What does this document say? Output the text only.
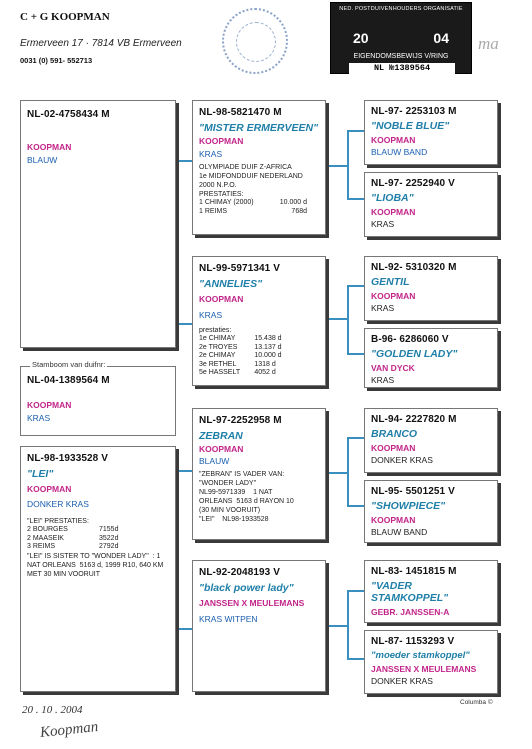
C + G KOOPMAN
Ermerveen 17 · 7814 VB Ermerveen
0031 (0) 591- 552713
NED. POSTDUIVENHOUDERS ORGANISATIE
20	04
EIGENDOMSBEWIJS V/RING
NL №1389564
ma
NL-02-4758434 M
KOOPMAN
BLAUW
Stamboom van duifnr:
NL-04-1389564 M
KOOPMAN
KRAS
NL-98-1933528 V
"LEI"
KOOPMAN
DONKER KRAS
"LEI" PRESTATIES:
2 BOURGES	7155d
2 MAASEIK	3522d
3 REIMS	2792d
"LEI" IS SISTER TO "WONDER LADY"  : 1 NAT ORLEANS  5163 d, 1999 R10, 640 KM MET 30 MIN VOORUIT
NL-98-5821470 M
"MISTER ERMERVEEN"
KOOPMAN
KRAS
OLYMPIADE DUIF Z-AFRICA
1e MIDFONDDUIF NEDERLAND
2000 N.P.O.
PRESTATIES:
1 CHIMAY (2000)	10.000 d
1 REIMS	768d
NL-99-5971341 V
"ANNELIES"
KOOPMAN
KRAS
prestaties:
1e CHIMAY	15.438 d
2e TROYES	13.137 d
2e CHIMAY	10.000 d
3e RETHEL	1318 d
5e HASSELT	4052 d
NL-97-2252958 M
ZEBRAN
KOOPMAN
BLAUW
"ZEBRAN" IS VADER VAN:
"WONDER LADY"
NL99-5971339    1 NAT
ORLEANS  5163 d RAYON 10
(30 MIN VOORUIT)
"LEI"    NL98-1933528
NL-92-2048193 V
"black power lady"
JANSSEN X MEULEMANS
KRAS WITPEN
NL-97- 2253103 M
"NOBLE BLUE"
KOOPMAN
BLAUW BAND
NL-97- 2252940 V
"LIOBA"
KOOPMAN
KRAS
NL-92- 5310320 M
GENTIL
KOOPMAN
KRAS
B-96- 6286060 V
"GOLDEN LADY"
VAN DYCK
KRAS
NL-94- 2227820 M
BRANCO
KOOPMAN
DONKER KRAS
NL-95- 5501251 V
"SHOWPIECE"
KOOPMAN
BLAUW BAND
NL-83- 1451815 M
"VADER STAMKOPPEL"
GEBR. JANSSEN-A
NL-87- 1153293 V
"moeder stamkoppel"
JANSSEN X MEULEMANS
DONKER KRAS
Columba ©
20 . 10 . 2004
Koopman
